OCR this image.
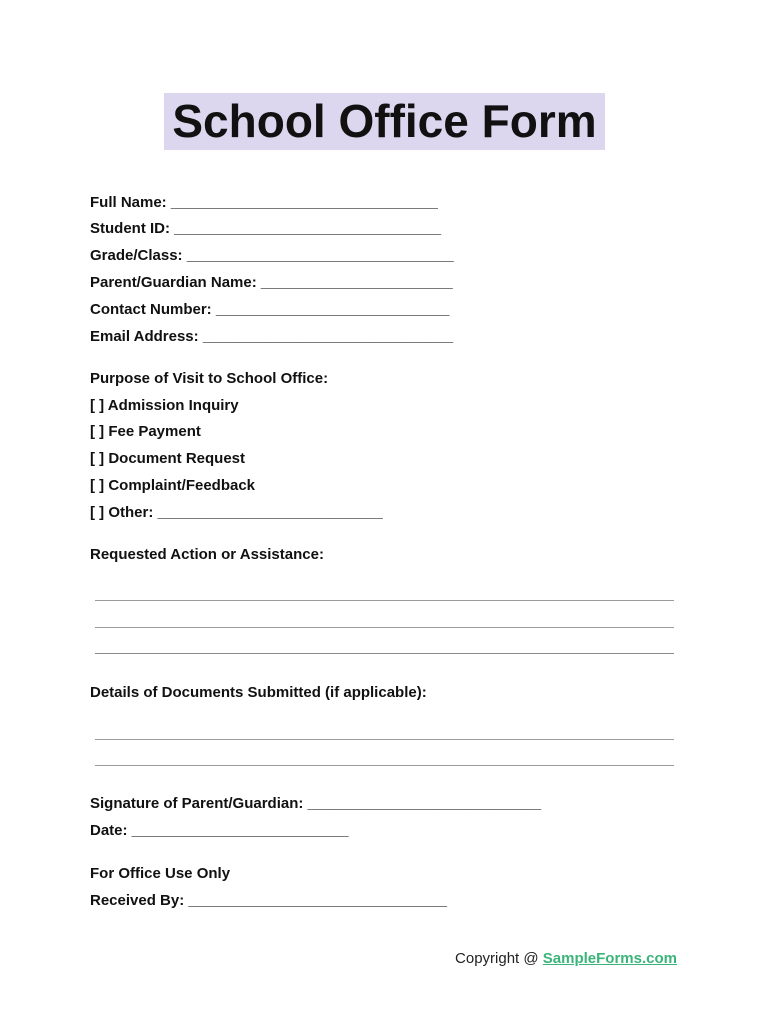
School Office Form
Full Name: ________________________________
Student ID: ________________________________
Grade/Class: ________________________________
Parent/Guardian Name: _______________________
Contact Number: ____________________________
Email Address: ______________________________
Purpose of Visit to School Office:
[ ] Admission Inquiry
[ ] Fee Payment
[ ] Document Request
[ ] Complaint/Feedback
[ ] Other: ___________________________
Requested Action or Assistance:
Details of Documents Submitted (if applicable):
Signature of Parent/Guardian: ____________________________
Date: __________________________
For Office Use Only
Received By: _______________________________
Copyright @ SampleForms.com
